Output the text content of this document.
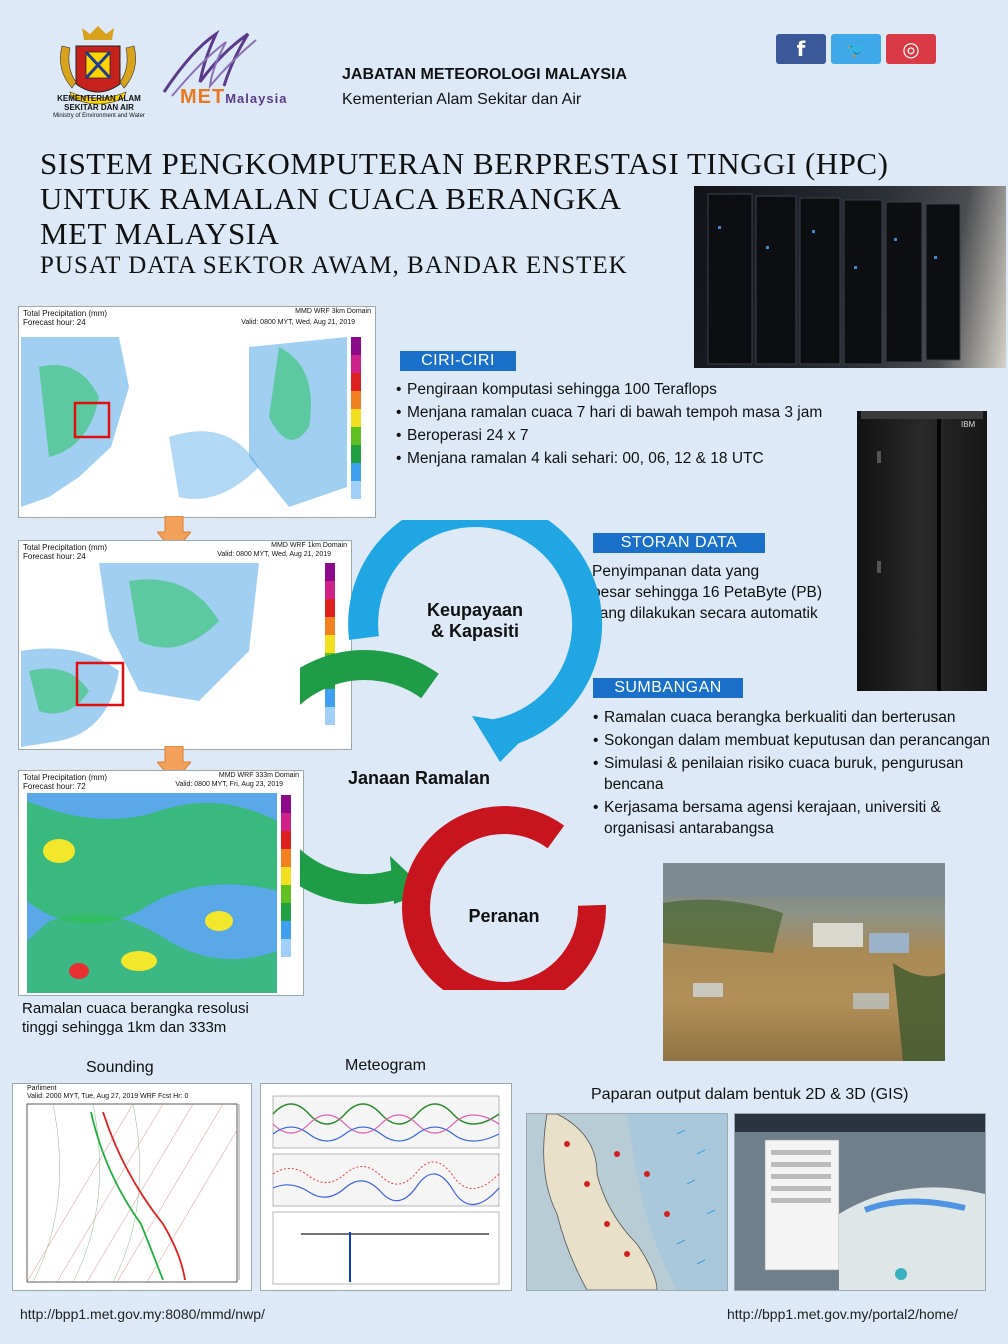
KEMENTERIAN ALAM SEKITAR DAN AIR
Ministry of Environment and Water
METMalaysia
JABATAN METEOROLOGI MALAYSIA
Kementerian Alam Sekitar dan Air
f	🐦 ◎
SISTEM PENGKOMPUTERAN BERPRESTASI TINGGI (HPC)
UNTUK RAMALAN CUACA BERANGKA
MET MALAYSIA
PUSAT DATA SEKTOR AWAM, BANDAR ENSTEK
Total Precipitation (mm)
Forecast hour: 24
MMD WRF 3km Domain
Valid: 0800 MYT, Wed, Aug 21, 2019
Total Precipitation (mm)
Forecast hour: 24
MMD WRF 1km Domain
Valid: 0800 MYT, Wed, Aug 21, 2019
Total Precipitation (mm)
Forecast hour: 72
MMD WRF 333m Domain
Valid: 0800 MYT, Fri, Aug 23, 2019
Ramalan cuaca berangka resolusi
tinggi sehingga 1km dan 333m
CIRI-CIRI
• Pengiraan komputasi sehingga 100 Teraflops
• Menjana ramalan cuaca 7 hari di bawah tempoh masa 3 jam
• Beroperasi 24 x 7
• Menjana ramalan 4 kali sehari: 00, 06, 12 & 18 UTC
IBM
STORAN DATA
Penyimpanan data yang
besar sehingga 16 PetaByte (PB)
yang dilakukan secara automatik
SUMBANGAN
• Ramalan cuaca berangka berkualiti dan berterusan
• Sokongan dalam membuat keputusan dan perancangan
• Simulasi & penilaian risiko cuaca buruk, pengurusan bencana
• Kerjasama bersama agensi kerajaan, universiti & organisasi antarabangsa
Keupayaan
& Kapasiti
Janaan Ramalan
Peranan
Sounding	Meteogram
Paparan output dalam bentuk 2D & 3D (GIS)
Parliment
Valid: 2000 MYT, Tue, Aug 27, 2019 WRF Fcst Hr: 0
http://bpp1.met.gov.my:8080/mmd/nwp/	http://bpp1.met.gov.my/portal2/home/
